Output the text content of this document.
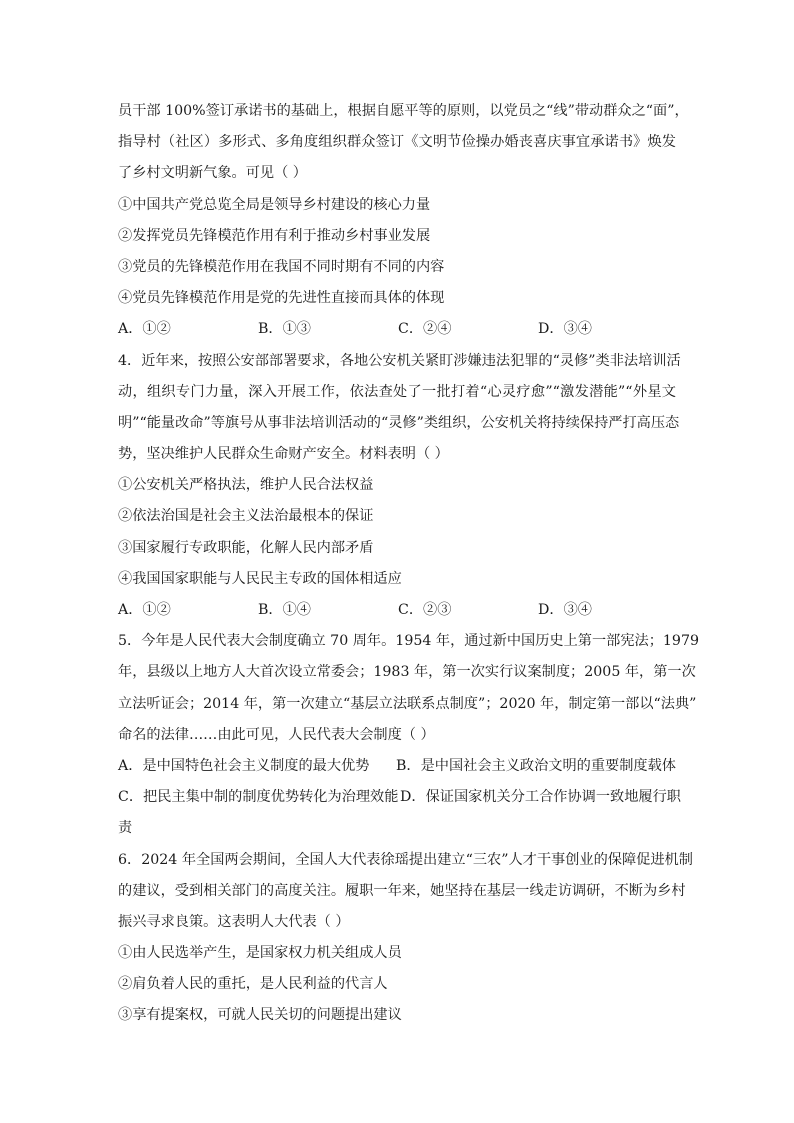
员干部 100%签订承诺书的基础上，根据自愿平等的原则，以党员之“线”带动群众之“面”，
指导村（社区）多形式、多角度组织群众签订《文明节俭操办婚丧喜庆事宜承诺书》焕发
了乡村文明新气象。可见（ ）
①中国共产党总览全局是领导乡村建设的核心力量
②发挥党员先锋模范作用有利于推动乡村事业发展
③党员的先锋模范作用在我国不同时期有不同的内容
④党员先锋模范作用是党的先进性直接而具体的体现
A．①②	B．①③	C．②④	D．③④
4．近年来，按照公安部部署要求，各地公安机关紧盯涉嫌违法犯罪的“灵修”类非法培训活
动，组织专门力量，深入开展工作，依法查处了一批打着“心灵疗愈”“激发潜能”“外星文
明”“能量改命”等旗号从事非法培训活动的“灵修”类组织，公安机关将持续保持严打高压态
势，坚决维护人民群众生命财产安全。材料表明（ ）
①公安机关严格执法，维护人民合法权益
②依法治国是社会主义法治最根本的保证
③国家履行专政职能，化解人民内部矛盾
④我国国家职能与人民民主专政的国体相适应
A．①②	B．①④	C．②③	D．③④
5．今年是人民代表大会制度确立 70 周年。1954 年，通过新中国历史上第一部宪法；1979
年，县级以上地方人大首次设立常委会；1983 年，第一次实行议案制度；2005 年，第一次
立法听证会；2014 年，第一次建立“基层立法联系点制度”；2020 年，制定第一部以“法典”
命名的法律……由此可见，人民代表大会制度（ ）
A．是中国特色社会主义制度的最大优势	B．是中国社会主义政治文明的重要制度载体
C．把民主集中制的制度优势转化为治理效能 D．保证国家机关分工合作协调一致地履行职
责
6．2024 年全国两会期间，全国人大代表徐瑶提出建立“三农”人才干事创业的保障促进机制
的建议，受到相关部门的高度关注。履职一年来，她坚持在基层一线走访调研，不断为乡村
振兴寻求良策。这表明人大代表（ ）
①由人民选举产生，是国家权力机关组成人员
②肩负着人民的重托，是人民利益的代言人
③享有提案权，可就人民关切的问题提出建议
